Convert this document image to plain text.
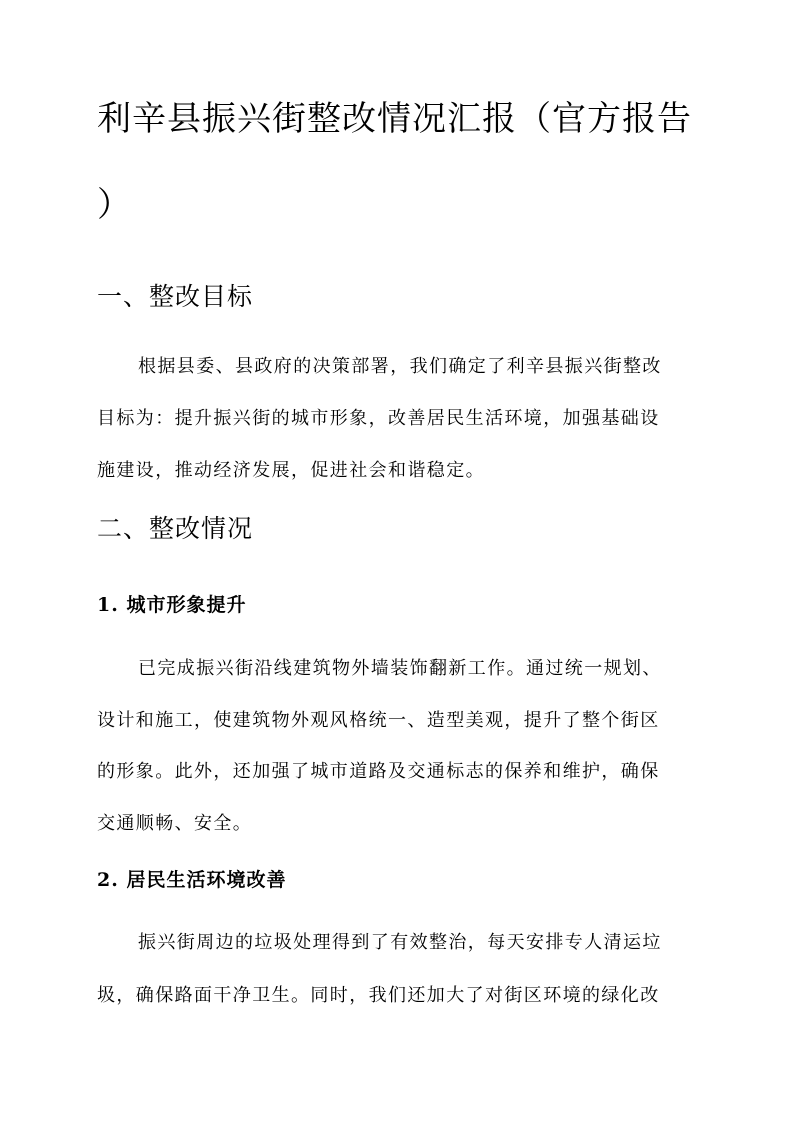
利辛县振兴街整改情况汇报（官方报告
）
一、整改目标

根据县委、县政府的决策部署，我们确定了利辛县振兴街整改

目标为：提升振兴街的城市形象，改善居民生活环境，加强基础设

施建设，推动经济发展，促进社会和谐稳定。

二、整改情况
1. 城市形象提升

已完成振兴街沿线建筑物外墙装饰翻新工作。通过统一规划、

设计和施工，使建筑物外观风格统一、造型美观，提升了整个街区

的形象。此外，还加强了城市道路及交通标志的保养和维护，确保

交通顺畅、安全。

2. 居民生活环境改善

振兴街周边的垃圾处理得到了有效整治，每天安排专人清运垃

圾，确保路面干净卫生。同时，我们还加大了对街区环境的绿化改
